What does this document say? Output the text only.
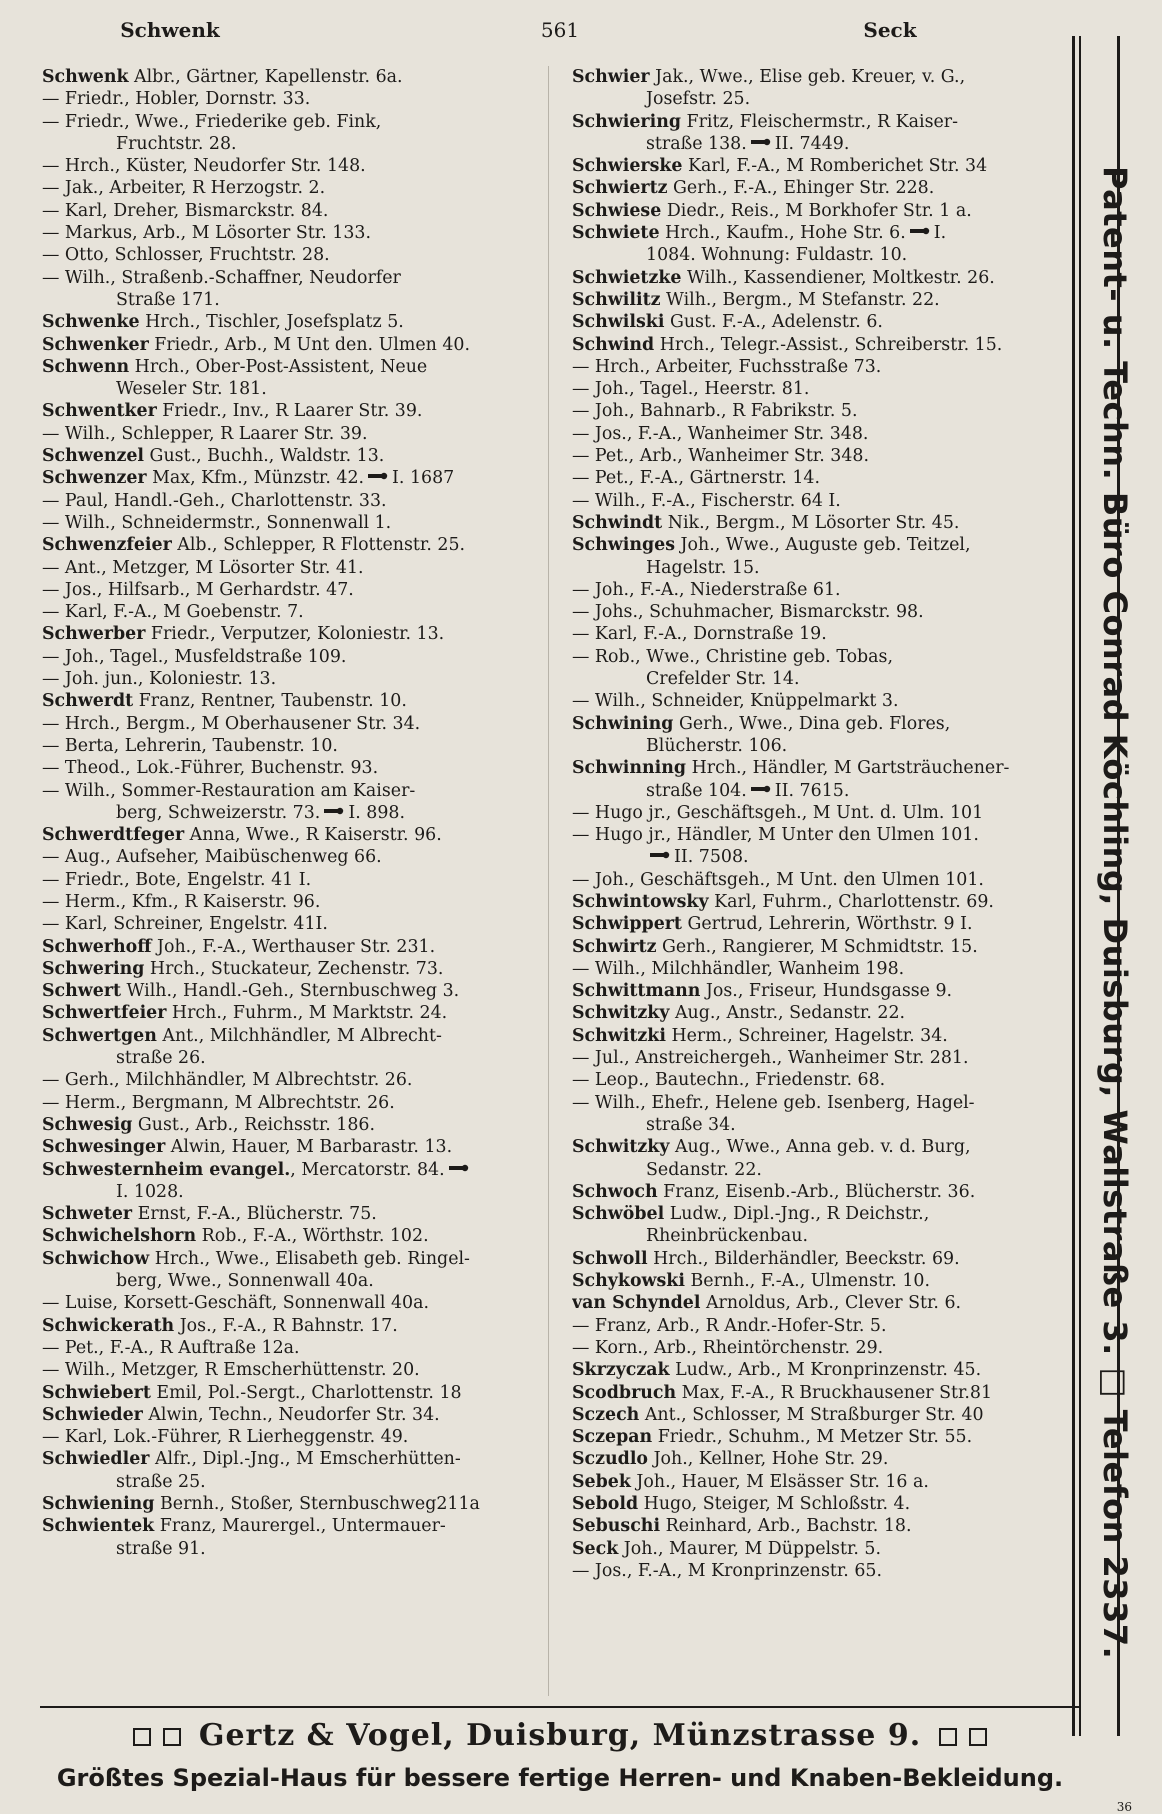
Schwenk	561	Seck
Schwenk Albr., Gärtner, Kapellenstr. 6a.
— Friedr., Hobler, Dornstr. 33.
— Friedr., Wwe., Friederike geb. Fink,
Fruchtstr. 28.
— Hrch., Küster, Neudorfer Str. 148.
— Jak., Arbeiter, R Herzogstr. 2.
— Karl, Dreher, Bismarckstr. 84.
— Markus, Arb., M Lösorter Str. 133.
— Otto, Schlosser, Fruchtstr. 28.
— Wilh., Straßenb.-Schaffner, Neudorfer
Straße 171.
Schwenke Hrch., Tischler, Josefsplatz 5.
Schwenker Friedr., Arb., M Unt den. Ulmen 40.
Schwenn Hrch., Ober-Post-Assistent, Neue
Weseler Str. 181.
Schwentker Friedr., Inv., R Laarer Str. 39.
— Wilh., Schlepper, R Laarer Str. 39.
Schwenzel Gust., Buchh., Waldstr. 13.
Schwenzer Max, Kfm., Münzstr. 42. I. 1687
— Paul, Handl.-Geh., Charlottenstr. 33.
— Wilh., Schneidermstr., Sonnenwall 1.
Schwenzfeier Alb., Schlepper, R Flottenstr. 25.
— Ant., Metzger, M Lösorter Str. 41.
— Jos., Hilfsarb., M Gerhardstr. 47.
— Karl, F.-A., M Goebenstr. 7.
Schwerber Friedr., Verputzer, Koloniestr. 13.
— Joh., Tagel., Musfeldstraße 109.
— Joh. jun., Koloniestr. 13.
Schwerdt Franz, Rentner, Taubenstr. 10.
— Hrch., Bergm., M Oberhausener Str. 34.
— Berta, Lehrerin, Taubenstr. 10.
— Theod., Lok.-Führer, Buchenstr. 93.
— Wilh., Sommer-Restauration am Kaiser-
berg, Schweizerstr. 73. I. 898.
Schwerdtfeger Anna, Wwe., R Kaiserstr. 96.
— Aug., Aufseher, Maibüschenweg 66.
— Friedr., Bote, Engelstr. 41 I.
— Herm., Kfm., R Kaiserstr. 96.
— Karl, Schreiner, Engelstr. 41I.
Schwerhoff Joh., F.-A., Werthauser Str. 231.
Schwering Hrch., Stuckateur, Zechenstr. 73.
Schwert Wilh., Handl.-Geh., Sternbuschweg 3.
Schwertfeier Hrch., Fuhrm., M Marktstr. 24.
Schwertgen Ant., Milchhändler, M Albrecht-
straße 26.
— Gerh., Milchhändler, M Albrechtstr. 26.
— Herm., Bergmann, M Albrechtstr. 26.
Schwesig Gust., Arb., Reichsstr. 186.
Schwesinger Alwin, Hauer, M Barbarastr. 13.
Schwesternheim evangel., Mercatorstr. 84.
I. 1028.
Schweter Ernst, F.-A., Blücherstr. 75.
Schwichelshorn Rob., F.-A., Wörthstr. 102.
Schwichow Hrch., Wwe., Elisabeth geb. Ringel-
berg, Wwe., Sonnenwall 40a.
— Luise, Korsett-Geschäft, Sonnenwall 40a.
Schwickerath Jos., F.-A., R Bahnstr. 17.
— Pet., F.-A., R Auftraße 12a.
— Wilh., Metzger, R Emscherhüttenstr. 20.
Schwiebert Emil, Pol.-Sergt., Charlottenstr. 18
Schwieder Alwin, Techn., Neudorfer Str. 34.
— Karl, Lok.-Führer, R Lierheggenstr. 49.
Schwiedler Alfr., Dipl.-Jng., M Emscherhütten-
straße 25.
Schwiening Bernh., Stoßer, Sternbuschweg211a
Schwientek Franz, Maurergel., Untermauer-
straße 91.
Schwier Jak., Wwe., Elise geb. Kreuer, v. G.,
Josefstr. 25.
Schwiering Fritz, Fleischermstr., R Kaiser-
straße 138. II. 7449.
Schwierske Karl, F.-A., M Romberichet Str. 34
Schwiertz Gerh., F.-A., Ehinger Str. 228.
Schwiese Diedr., Reis., M Borkhofer Str. 1 a.
Schwiete Hrch., Kaufm., Hohe Str. 6. I.
1084. Wohnung: Fuldastr. 10.
Schwietzke Wilh., Kassendiener, Moltkestr. 26.
Schwilitz Wilh., Bergm., M Stefanstr. 22.
Schwilski Gust. F.-A., Adelenstr. 6.
Schwind Hrch., Telegr.-Assist., Schreiberstr. 15.
— Hrch., Arbeiter, Fuchsstraße 73.
— Joh., Tagel., Heerstr. 81.
— Joh., Bahnarb., R Fabrikstr. 5.
— Jos., F.-A., Wanheimer Str. 348.
— Pet., Arb., Wanheimer Str. 348.
— Pet., F.-A., Gärtnerstr. 14.
— Wilh., F.-A., Fischerstr. 64 I.
Schwindt Nik., Bergm., M Lösorter Str. 45.
Schwinges Joh., Wwe., Auguste geb. Teitzel,
Hagelstr. 15.
— Joh., F.-A., Niederstraße 61.
— Johs., Schuhmacher, Bismarckstr. 98.
— Karl, F.-A., Dornstraße 19.
— Rob., Wwe., Christine geb. Tobas,
Crefelder Str. 14.
— Wilh., Schneider, Knüppelmarkt 3.
Schwining Gerh., Wwe., Dina geb. Flores,
Blücherstr. 106.
Schwinning Hrch., Händler, M Gartsträuchener-
straße 104. II. 7615.
— Hugo jr., Geschäftsgeh., M Unt. d. Ulm. 101
— Hugo jr., Händler, M Unter den Ulmen 101.
II. 7508.
— Joh., Geschäftsgeh., M Unt. den Ulmen 101.
Schwintowsky Karl, Fuhrm., Charlottenstr. 69.
Schwippert Gertrud, Lehrerin, Wörthstr. 9 I.
Schwirtz Gerh., Rangierer, M Schmidtstr. 15.
— Wilh., Milchhändler, Wanheim 198.
Schwittmann Jos., Friseur, Hundsgasse 9.
Schwitzky Aug., Anstr., Sedanstr. 22.
Schwitzki Herm., Schreiner, Hagelstr. 34.
— Jul., Anstreichergeh., Wanheimer Str. 281.
— Leop., Bautechn., Friedenstr. 68.
— Wilh., Ehefr., Helene geb. Isenberg, Hagel-
straße 34.
Schwitzky Aug., Wwe., Anna geb. v. d. Burg,
Sedanstr. 22.
Schwoch Franz, Eisenb.-Arb., Blücherstr. 36.
Schwöbel Ludw., Dipl.-Jng., R Deichstr.,
Rheinbrückenbau.
Schwoll Hrch., Bilderhändler, Beeckstr. 69.
Schykowski Bernh., F.-A., Ulmenstr. 10.
van Schyndel Arnoldus, Arb., Clever Str. 6.
— Franz, Arb., R Andr.-Hofer-Str. 5.
— Korn., Arb., Rheintörchenstr. 29.
Skrzyczak Ludw., Arb., M Kronprinzenstr. 45.
Scodbruch Max, F.-A., R Bruckhausener Str.81
Sczech Ant., Schlosser, M Straßburger Str. 40
Sczepan Friedr., Schuhm., M Metzer Str. 55.
Sczudlo Joh., Kellner, Hohe Str. 29.
Sebek Joh., Hauer, M Elsässer Str. 16 a.
Sebold Hugo, Steiger, M Schloßstr. 4.
Sebuschi Reinhard, Arb., Bachstr. 18.
Seck Joh., Maurer, M Düppelstr. 5.
— Jos., F.-A., M Kronprinzenstr. 65.	Patent- u. Techn. Büro Conrad Köchling, Duisburg, Wallstraße 3. □ Telefon 2337.
Gertz & Vogel, Duisburg, Münzstrasse 9.
Größtes Spezial-Haus für bessere fertige Herren- und Knaben-Bekleidung.
36
